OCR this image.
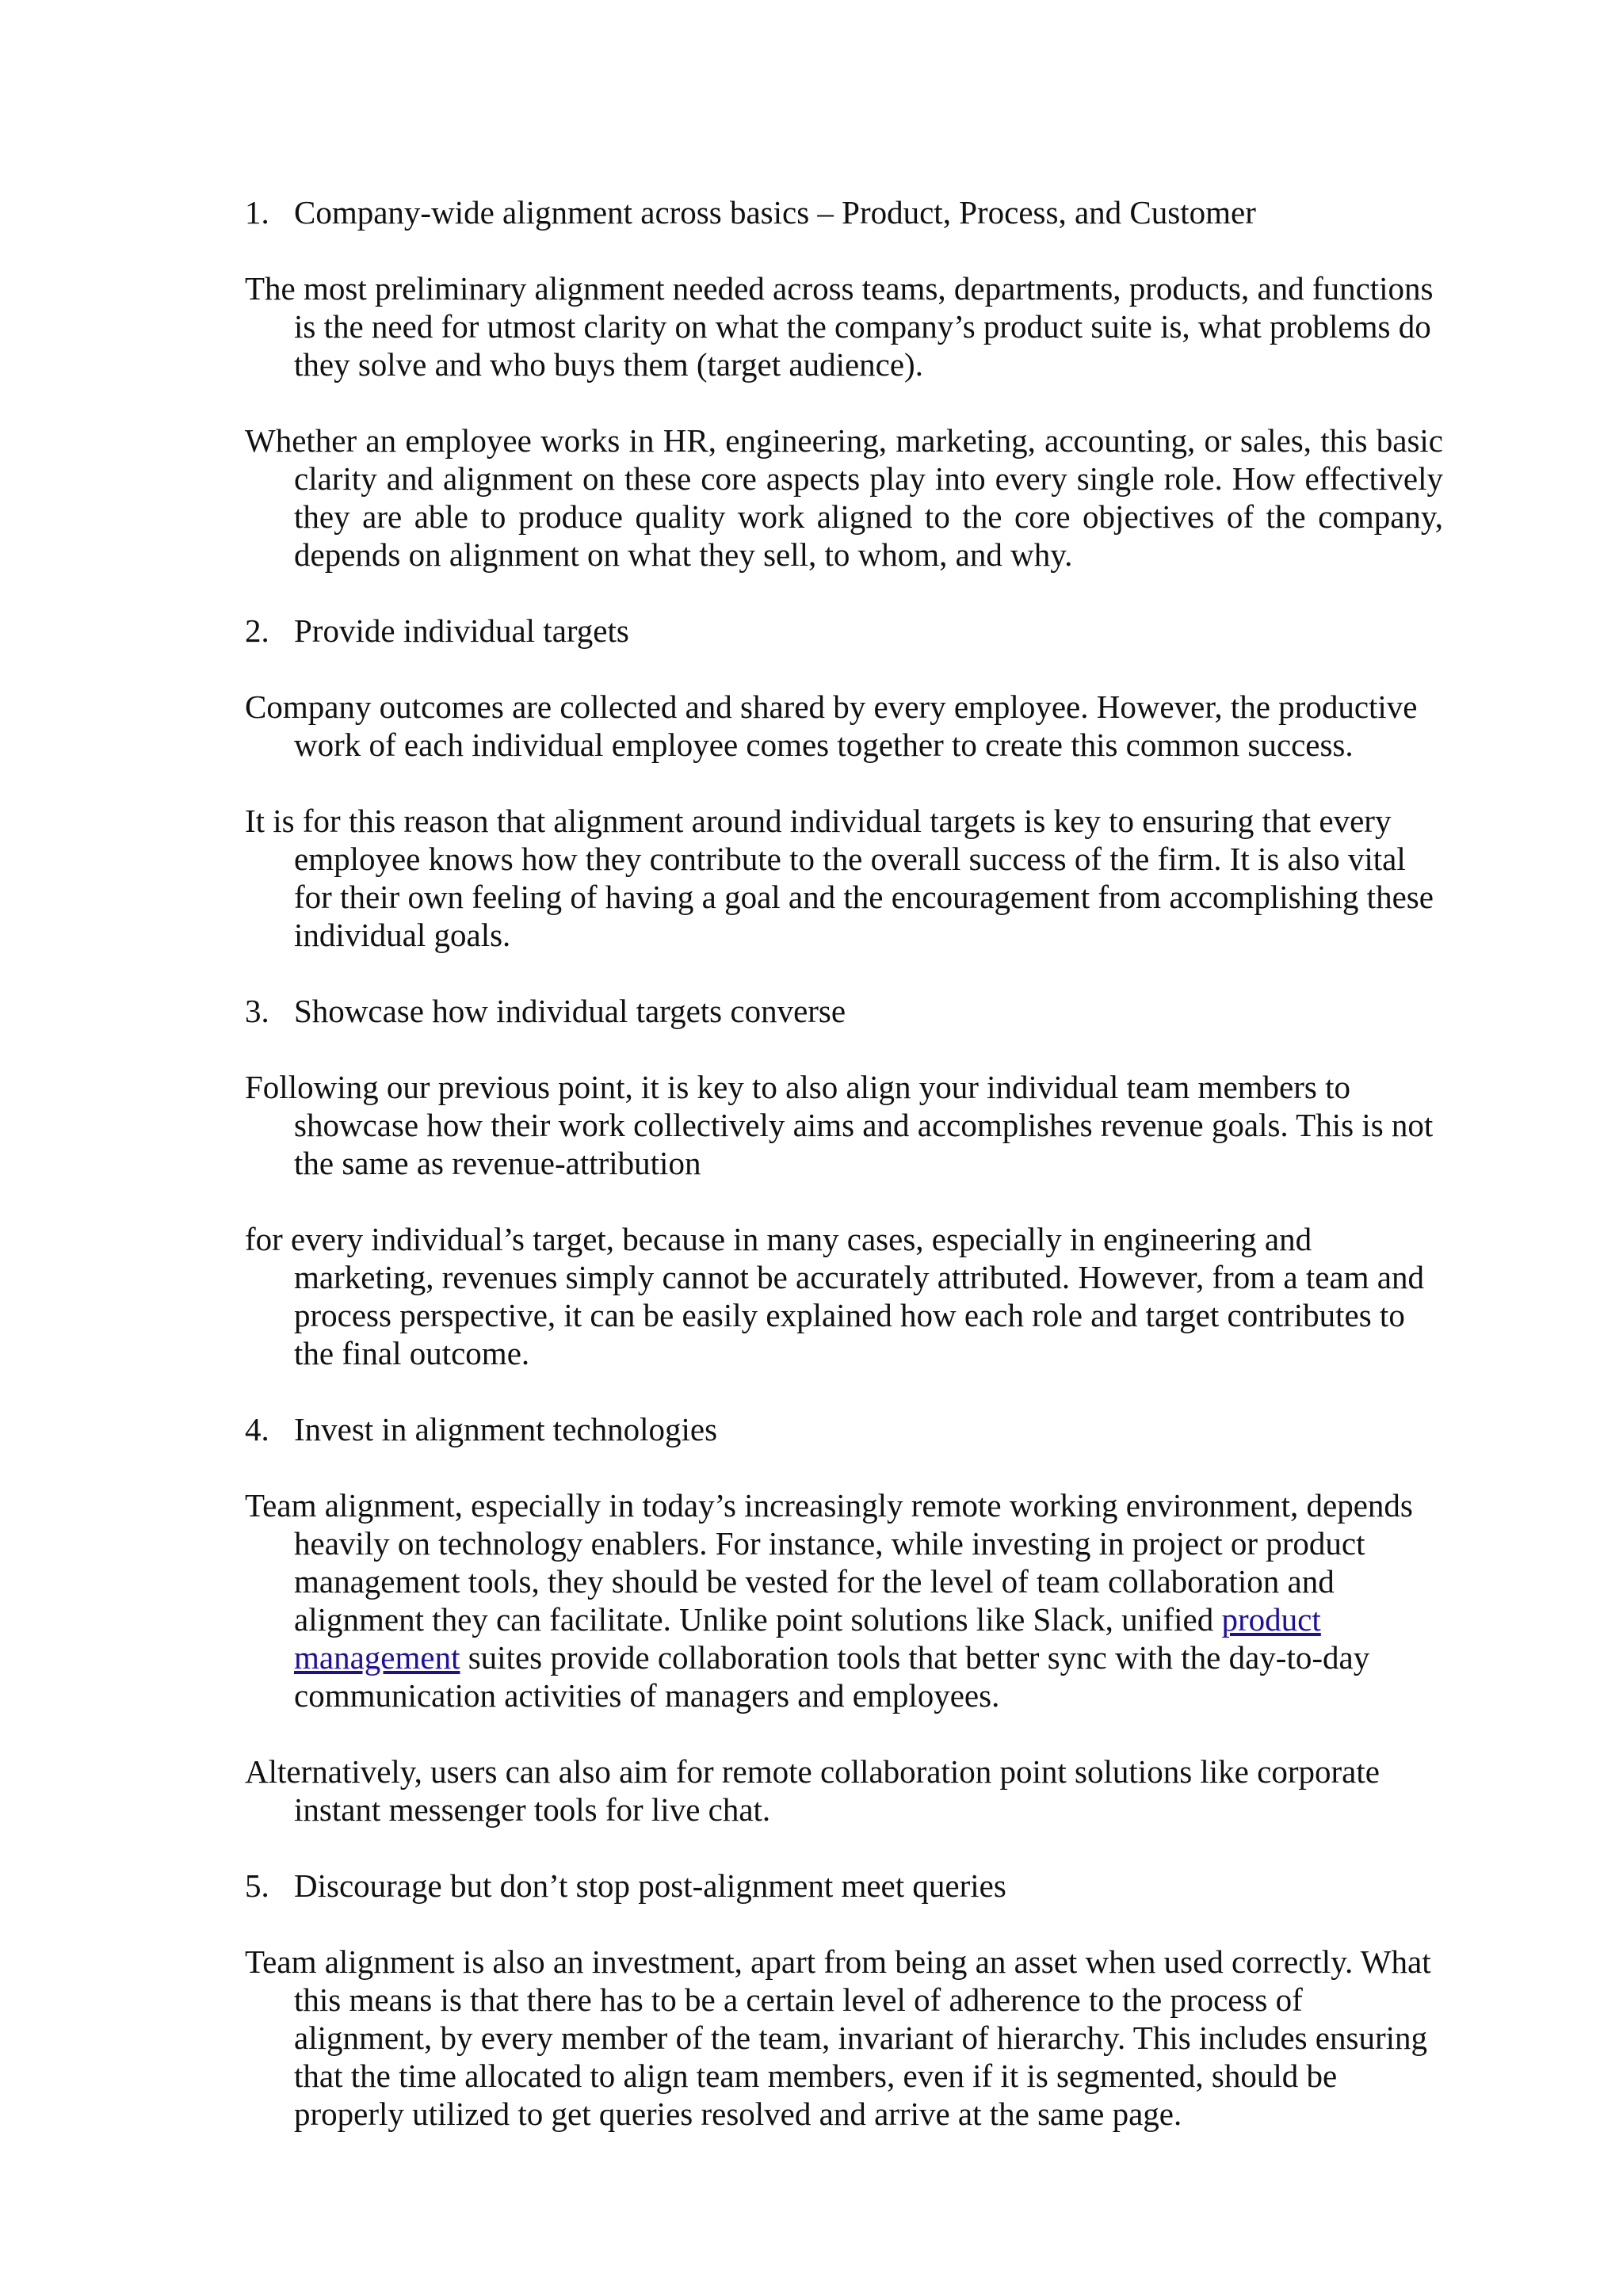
1. Company-wide alignment across basics – Product, Process, and Customer

The most preliminary alignment needed across teams, departments, products, and functions is the need for utmost clarity on what the company’s product suite is, what problems do they solve and who buys them (target audience).

Whether an employee works in HR, engineering, marketing, accounting, or sales, this basic clarity and alignment on these core aspects play into every single role. How effectively they are able to produce quality work aligned to the core objectives of the company, depends on alignment on what they sell, to whom, and why.

2. Provide individual targets

Company outcomes are collected and shared by every employee. However, the productive work of each individual employee comes together to create this common success.

It is for this reason that alignment around individual targets is key to ensuring that every employee knows how they contribute to the overall success of the firm. It is also vital for their own feeling of having a goal and the encouragement from accomplishing these individual goals.

3. Showcase how individual targets converse

Following our previous point, it is key to also align your individual team members to showcase how their work collectively aims and accomplishes revenue goals. This is not the same as revenue-attribution

for every individual’s target, because in many cases, especially in engineering and marketing, revenues simply cannot be accurately attributed. However, from a team and process perspective, it can be easily explained how each role and target contributes to the final outcome.

4. Invest in alignment technologies

Team alignment, especially in today’s increasingly remote working environment, depends heavily on technology enablers. For instance, while investing in project or product management tools, they should be vested for the level of team collaboration and alignment they can facilitate. Unlike point solutions like Slack, unified product management suites provide collaboration tools that better sync with the day-to-day communication activities of managers and employees.

Alternatively, users can also aim for remote collaboration point solutions like corporate instant messenger tools for live chat.

5. Discourage but don’t stop post-alignment meet queries

Team alignment is also an investment, apart from being an asset when used correctly. What this means is that there has to be a certain level of adherence to the process of alignment, by every member of the team, invariant of hierarchy. This includes ensuring that the time allocated to align team members, even if it is segmented, should be properly utilized to get queries resolved and arrive at the same page.
